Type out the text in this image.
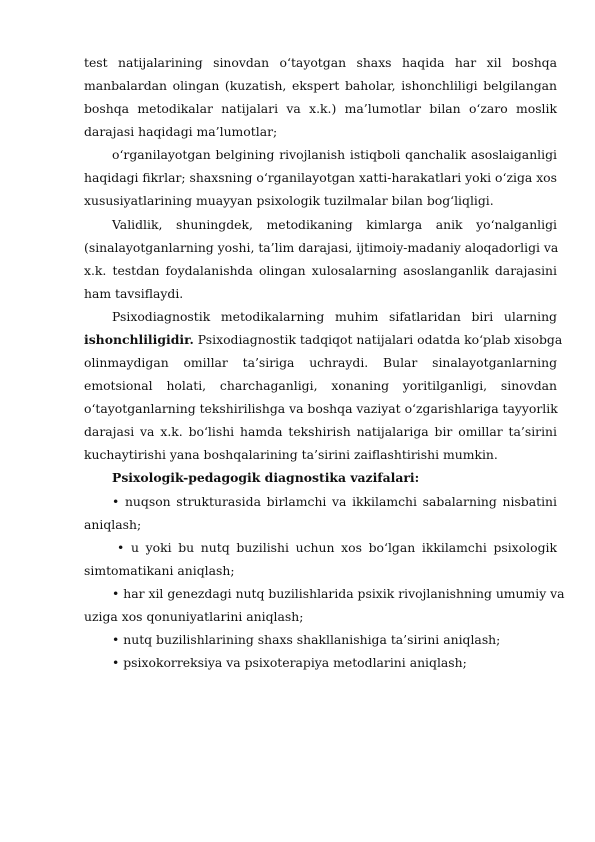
test natijalarining sinovdan o‘tayotgan shaxs haqida har xil boshqa
manbalardan olingan (kuzatish, ekspert baholar, ishonchliligi belgilangan
boshqa metodikalar natijalari va x.k.) ma’lumotlar bilan o‘zaro moslik
darajasi haqidagi ma’lumotlar;
o‘rganilayotgan belgining rivojlanish istiqboli qanchalik asoslaiganligi
haqidagi fikrlar; shaxsning o‘rganilayotgan xatti-harakatlari yoki o‘ziga xos
xususiyatlarining muayyan psixologik tuzilmalar bilan bog‘liqligi.
Validlik, shuningdek, metodikaning kimlarga anik yo‘nalganligi
(sinalayotganlarning yoshi, ta’lim darajasi, ijtimoiy-madaniy aloqadorligi va
x.k. testdan foydalanishda olingan xulosalarning asoslanganlik darajasini
ham tavsiflaydi.
Psixodiagnostik metodikalarning muhim sifatlaridan biri ularning
ishonchliligidir. Psixodiagnostik tadqiqot natijalari odatda ko‘plab xisobga
olinmaydigan omillar ta’siriga uchraydi. Bular sinalayotganlarning
emotsional holati, charchaganligi, xonaning yoritilganligi, sinovdan
o‘tayotganlarning tekshirilishga va boshqa vaziyat o‘zgarishlariga tayyorlik
darajasi va x.k. bo‘lishi hamda tekshirish natijalariga bir omillar ta’sirini
kuchaytirishi yana boshqalarining ta’sirini zaiflashtirishi mumkin.
Psixologik-pedagogik diagnostika vazifalari:
• nuqson strukturasida birlamchi va ikkilamchi sabalarning nisbatini
aniqlash;
• u yoki bu nutq buzilishi uchun xos bo‘lgan ikkilamchi psixologik
simtomatikani aniqlash;
• har xil genezdagi nutq buzilishlarida psixik rivojlanishning umumiy va
uziga xos qonuniyatlarini aniqlash;
• nutq buzilishlarining shaxs shakllanishiga ta’sirini aniqlash;
• psixokorreksiya va psixoterapiya metodlarini aniqlash;
